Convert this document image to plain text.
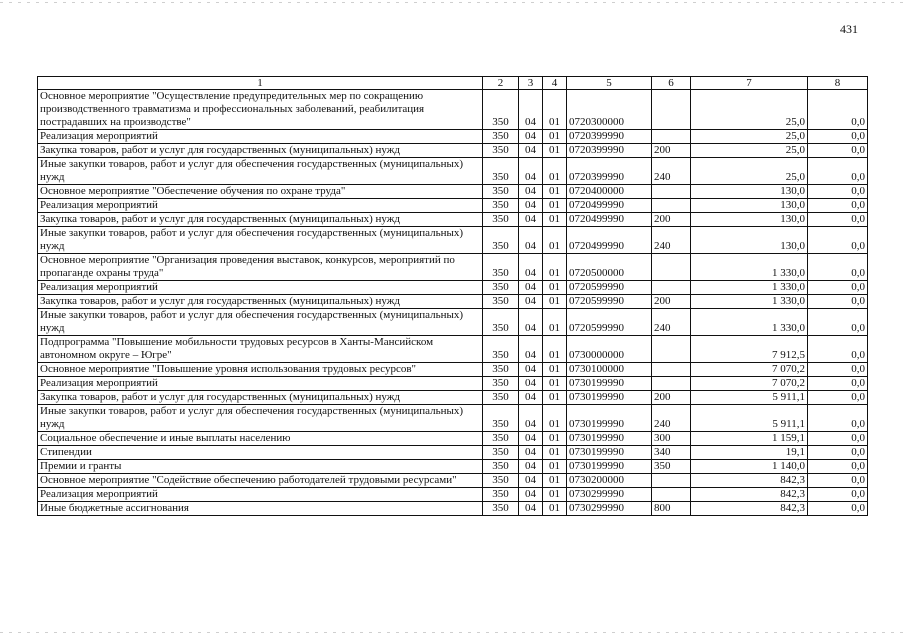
431
1	2	3	4	5	6	7	8
Основное мероприятие "Осуществление предупредительных мер по сокращению производственного травматизма и профессиональных заболеваний, реабилитация пострадавших на производстве"	350	04	01	0720300000		25,0	0,0
Реализация мероприятий	350	04	01	0720399990		25,0	0,0
Закупка товаров, работ и услуг для государственных (муниципальных) нужд	350	04	01	0720399990	200	25,0	0,0
Иные закупки товаров, работ и услуг для обеспечения государственных (муниципальных) нужд	350	04	01	0720399990	240	25,0	0,0
Основное мероприятие "Обеспечение обучения по охране труда"	350	04	01	0720400000		130,0	0,0
Реализация мероприятий	350	04	01	0720499990		130,0	0,0
Закупка товаров, работ и услуг для государственных (муниципальных) нужд	350	04	01	0720499990	200	130,0	0,0
Иные закупки товаров, работ и услуг для обеспечения государственных (муниципальных) нужд	350	04	01	0720499990	240	130,0	0,0
Основное мероприятие "Организация проведения выставок, конкурсов, мероприятий по пропаганде охраны труда"	350	04	01	0720500000		1 330,0	0,0
Реализация мероприятий	350	04	01	0720599990		1 330,0	0,0
Закупка товаров, работ и услуг для государственных (муниципальных) нужд	350	04	01	0720599990	200	1 330,0	0,0
Иные закупки товаров, работ и услуг для обеспечения государственных (муниципальных) нужд	350	04	01	0720599990	240	1 330,0	0,0
Подпрограмма "Повышение мобильности трудовых ресурсов в Ханты-Мансийском автономном округе – Югре"	350	04	01	0730000000		7 912,5	0,0
Основное мероприятие "Повышение уровня использования трудовых ресурсов"	350	04	01	0730100000		7 070,2	0,0
Реализация мероприятий	350	04	01	0730199990		7 070,2	0,0
Закупка товаров, работ и услуг для государственных (муниципальных) нужд	350	04	01	0730199990	200	5 911,1	0,0
Иные закупки товаров, работ и услуг для обеспечения государственных (муниципальных) нужд	350	04	01	0730199990	240	5 911,1	0,0
Социальное обеспечение и иные выплаты населению	350	04	01	0730199990	300	1 159,1	0,0
Стипендии	350	04	01	0730199990	340	19,1	0,0
Премии и гранты	350	04	01	0730199990	350	1 140,0	0,0
Основное мероприятие "Содействие обеспечению работодателей трудовыми ресурсами"	350	04	01	0730200000		842,3	0,0
Реализация мероприятий	350	04	01	0730299990		842,3	0,0
Иные бюджетные ассигнования	350	04	01	0730299990	800	842,3	0,0
